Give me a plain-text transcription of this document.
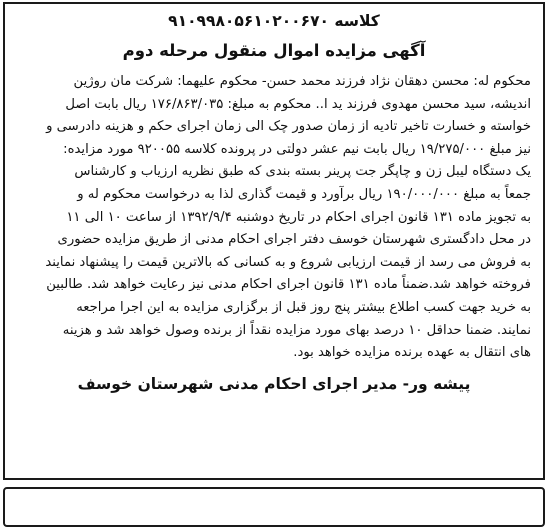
کلاسه ۹۱۰۹۹۸۰۵۶۱۰۲۰۰۶۷۰
آگهی مزایده اموال منقول مرحله دوم
محکوم له: محسن دهقان نژاد فرزند محمد حسن- محکوم علیهما: شرکت مان روژین
اندیشه، سید محسن مهدوی فرزند ید ا.. محکوم به مبلغ: ۱۷۶/۸۶۳/۰۳۵ ریال بابت اصل
خواسته و خسارت تاخیر تادیه از زمان صدور چک الی زمان اجرای حکم و هزینه دادرسی و
نیز مبلغ ۱۹/۲۷۵/۰۰۰ ریال بابت نیم عشر دولتی در پرونده کلاسه ۹۲۰۰۵۵ مورد مزایده:
یک دستگاه لیبل زن و چاپگر جت پرینر بسته بندی که طبق نظریه ارزیاب و کارشناس
جمعاً به مبلغ ۱۹۰/۰۰۰/۰۰۰ ریال برآورد و قیمت گذاری لذا به درخواست محکوم له و
به تجویز ماده ۱۳۱ قانون اجرای احکام در تاریخ دوشنبه ۱۳۹۲/۹/۴ از ساعت ۱۰ الی ۱۱
در محل دادگستری شهرستان خوسف دفتر اجرای احکام مدنی از طریق مزایده حضوری
به فروش می رسد از قیمت ارزیابی شروع و به کسانی که بالاترین قیمت را پیشنهاد نمایند
فروخته خواهد شد.ضمناً ماده ۱۳۱ قانون اجرای احکام مدنی نیز رعایت خواهد شد. طالبین
به خرید جهت کسب اطلاع بیشتر پنج روز قبل از برگزاری مزایده به این اجرا مراجعه
نمایند. ضمنا حداقل ۱۰ درصد بهای مورد مزایده نقداً از برنده وصول خواهد شد و هزینه
های انتقال به عهده برنده مزایده خواهد بود.
پیشه ور- مدیر اجرای احکام مدنی شهرستان خوسف
